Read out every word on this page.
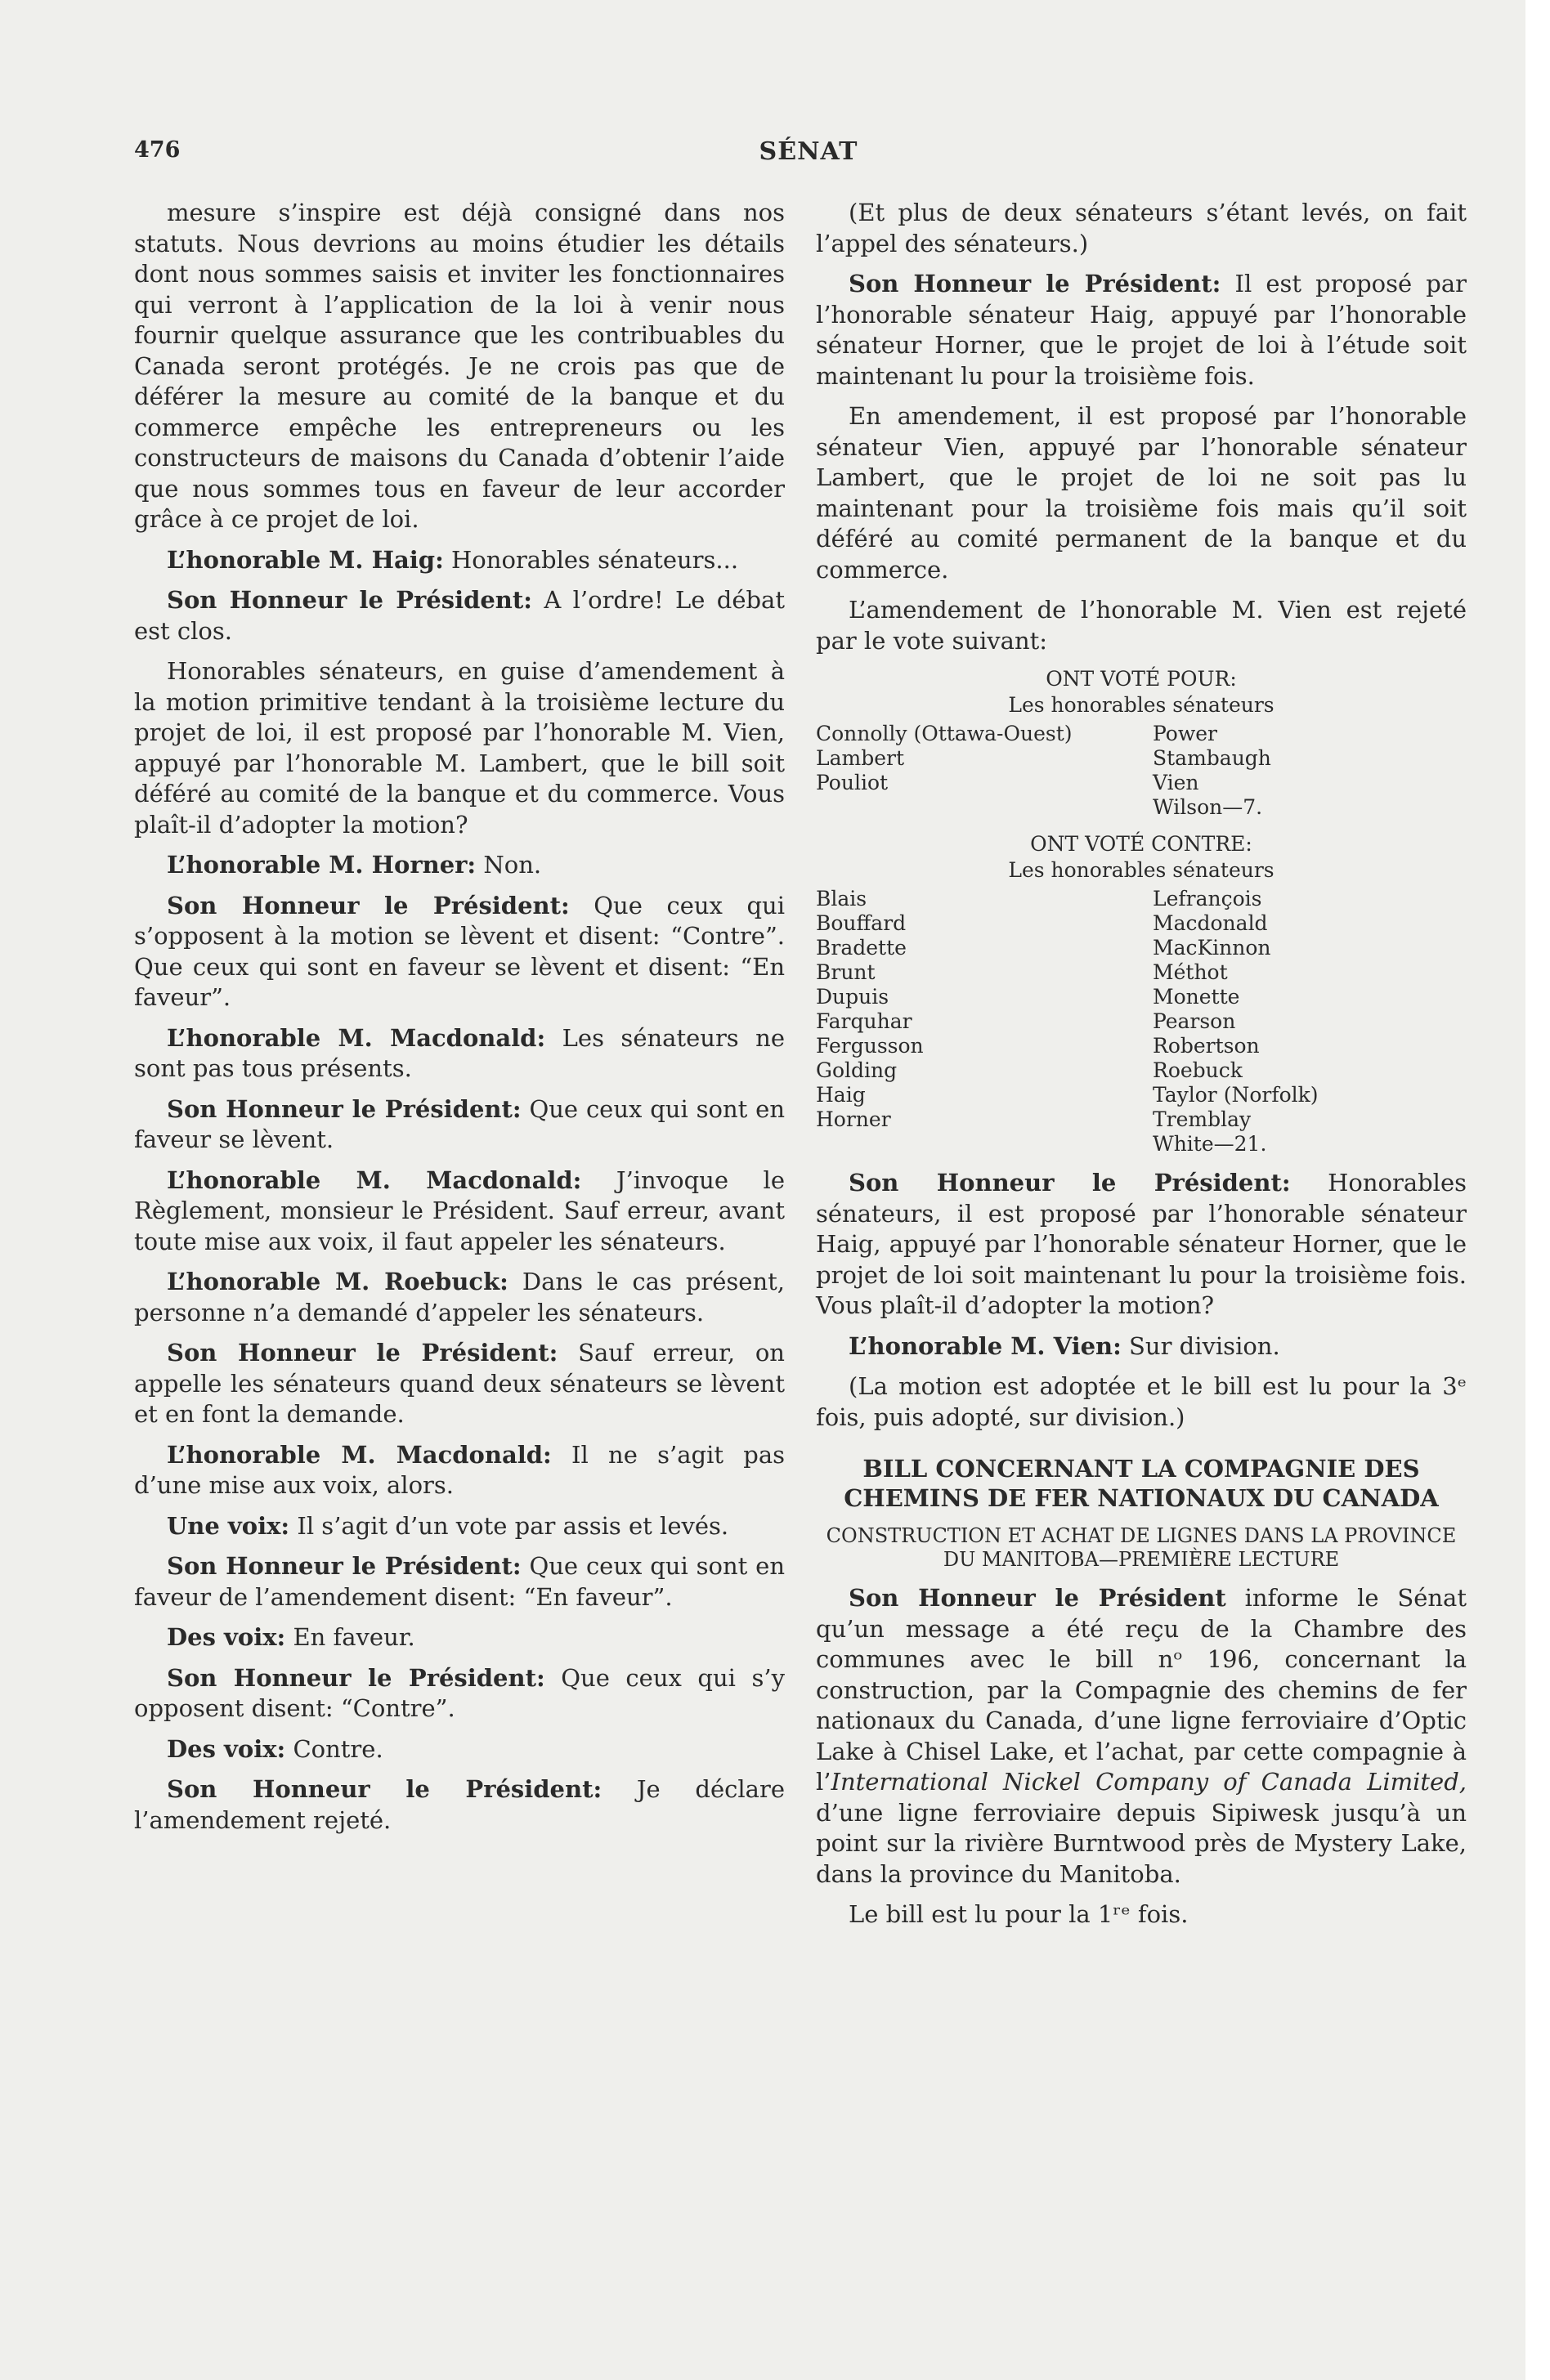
SÉNAT
476

mesure s’inspire est déjà consigné dans nos statuts. Nous devrions au moins étudier les détails dont nous sommes saisis et inviter les fonctionnaires qui verront à l’application de la loi à venir nous fournir quelque assurance que les contribuables du Canada seront protégés. Je ne crois pas que de déférer la mesure au comité de la banque et du commerce empêche les entrepreneurs ou les constructeurs de maisons du Canada d’obtenir l’aide que nous sommes tous en faveur de leur accorder grâce à ce projet de loi.

L’honorable M. Haig: Honorables sénateurs...

Son Honneur le Président: A l’ordre! Le débat est clos.

Honorables sénateurs, en guise d’amendement à la motion primitive tendant à la troisième lecture du projet de loi, il est proposé par l’honorable M. Vien, appuyé par l’honorable M. Lambert, que le bill soit déféré au comité de la banque et du commerce. Vous plaît-il d’adopter la motion?

L’honorable M. Horner: Non.

Son Honneur le Président: Que ceux qui s’opposent à la motion se lèvent et disent: “Contre”. Que ceux qui sont en faveur se lèvent et disent: “En faveur”.

L’honorable M. Macdonald: Les sénateurs ne sont pas tous présents.

Son Honneur le Président: Que ceux qui sont en faveur se lèvent.

L’honorable M. Macdonald: J’invoque le Règlement, monsieur le Président. Sauf erreur, avant toute mise aux voix, il faut appeler les sénateurs.

L’honorable M. Roebuck: Dans le cas présent, personne n’a demandé d’appeler les sénateurs.

Son Honneur le Président: Sauf erreur, on appelle les sénateurs quand deux sénateurs se lèvent et en font la demande.

L’honorable M. Macdonald: Il ne s’agit pas d’une mise aux voix, alors.

Une voix: Il s’agit d’un vote par assis et levés.

Son Honneur le Président: Que ceux qui sont en faveur de l’amendement disent: “En faveur”.

Des voix: En faveur.

Son Honneur le Président: Que ceux qui s’y opposent disent: “Contre”.

Des voix: Contre.

Son Honneur le Président: Je déclare l’amendement rejeté.

(Et plus de deux sénateurs s’étant levés, on fait l’appel des sénateurs.)

Son Honneur le Président: Il est proposé par l’honorable sénateur Haig, appuyé par l’honorable sénateur Horner, que le projet de loi à l’étude soit maintenant lu pour la troisième fois.

En amendement, il est proposé par l’honorable sénateur Vien, appuyé par l’honorable sénateur Lambert, que le projet de loi ne soit pas lu maintenant pour la troisième fois mais qu’il soit déféré au comité permanent de la banque et du commerce.

L’amendement de l’honorable M. Vien est rejeté par le vote suivant:

ONT VOTÉ POUR:
Les honorables sénateurs
Connolly (Ottawa-Ouest)
Lambert
Pouliot
Power
Stambaugh
Vien
Wilson—7.
ONT VOTÉ CONTRE:
Les honorables sénateurs
Blais
Bouffard
Bradette
Brunt
Dupuis
Farquhar
Fergusson
Golding
Haig
Horner
Lefrançois
Macdonald
MacKinnon
Méthot
Monette
Pearson
Robertson
Roebuck
Taylor (Norfolk)
Tremblay
White—21.

Son Honneur le Président: Honorables sénateurs, il est proposé par l’honorable sénateur Haig, appuyé par l’honorable sénateur Horner, que le projet de loi soit maintenant lu pour la troisième fois. Vous plaît-il d’adopter la motion?

L’honorable M. Vien: Sur division.

(La motion est adoptée et le bill est lu pour la 3ᵉ fois, puis adopté, sur division.)

BILL CONCERNANT LA COMPAGNIE DES CHEMINS DE FER NATIONAUX DU CANADA
CONSTRUCTION ET ACHAT DE LIGNES DANS LA PROVINCE DU MANITOBA—PREMIÈRE LECTURE

Son Honneur le Président informe le Sénat qu’un message a été reçu de la Chambre des communes avec le bill nᵒ 196, concernant la construction, par la Compagnie des chemins de fer nationaux du Canada, d’une ligne ferroviaire d’Optic Lake à Chisel Lake, et l’achat, par cette compagnie à l’International Nickel Company of Canada Limited, d’une ligne ferroviaire depuis Sipiwesk jusqu’à un point sur la rivière Burntwood près de Mystery Lake, dans la province du Manitoba.

Le bill est lu pour la 1ʳᵉ fois.
